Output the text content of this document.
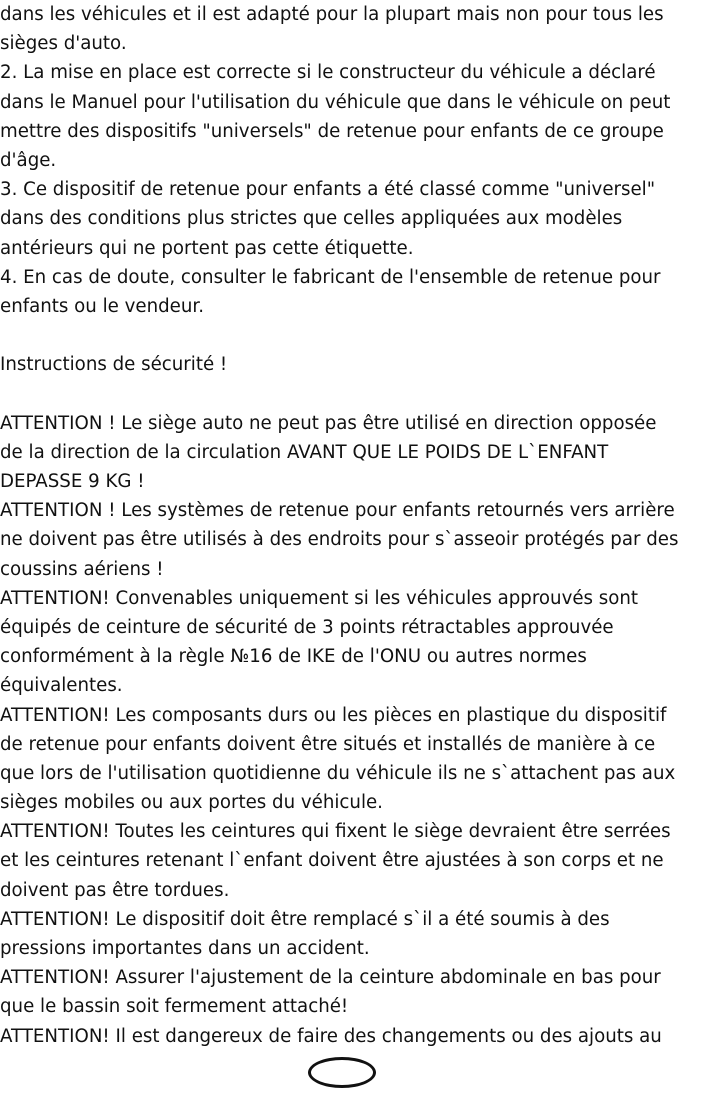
dans les véhicules et il est adapté pour la plupart mais non pour tous les
sièges d'auto.
2. La mise en place est correcte si le constructeur du véhicule a déclaré
dans le Manuel pour l'utilisation du véhicule que dans le véhicule on peut
mettre des dispositifs "universels" de retenue pour enfants de ce groupe
d'âge.
3. Ce dispositif de retenue pour enfants a été classé comme "universel"
dans des conditions plus strictes que celles appliquées aux modèles
antérieurs qui ne portent pas cette étiquette.
4. En cas de doute, consulter le fabricant de l'ensemble de retenue pour
enfants ou le vendeur.
Instructions de sécurité !
ATTENTION ! Le siège auto ne peut pas être utilisé en direction opposée
de la direction de la circulation AVANT QUE LE POIDS DE L`ENFANT
DEPASSE 9 KG !
ATTENTION ! Les systèmes de retenue pour enfants retournés vers arrière
ne doivent pas être utilisés à des endroits pour s`asseoir protégés par des
coussins aériens !
ATTENTION! Convenables uniquement si les véhicules approuvés sont
équipés de ceinture de sécurité de 3 points rétractables approuvée
conformément à la règle №16 de IKE de l'ONU ou autres normes
équivalentes.
ATTENTION! Les composants durs ou les pièces en plastique du dispositif
de retenue pour enfants doivent être situés et installés de manière à ce
que lors de l'utilisation quotidienne du véhicule ils ne s`attachent pas aux
sièges mobiles ou aux portes du véhicule.
ATTENTION! Toutes les ceintures qui fixent le siège devraient être serrées
et les ceintures retenant l`enfant doivent être ajustées à son corps et ne
doivent pas être tordues.
ATTENTION! Le dispositif doit être remplacé s`il a été soumis à des
pressions importantes dans un accident.
ATTENTION! Assurer l'ajustement de la ceinture abdominale en bas pour
que le bassin soit fermement attaché!
ATTENTION! Il est dangereux de faire des changements ou des ajouts au
